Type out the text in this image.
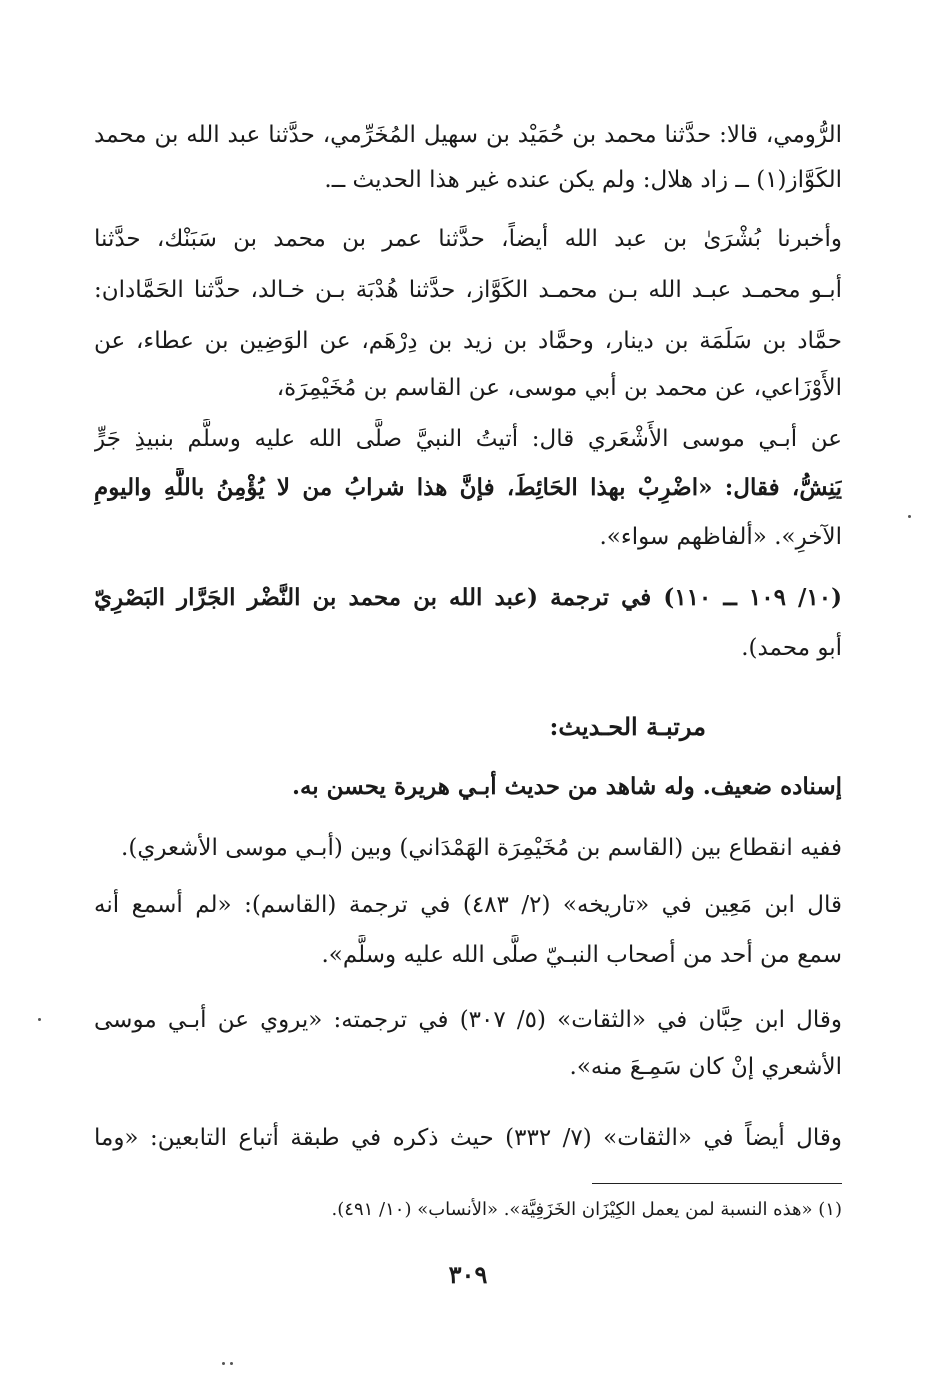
الرُّومي، قالا: حدَّثنا محمد بن حُمَيْد بن سهيل المُخَرِّمي، حدَّثنا عبد الله بن محمد
الكَوَّاز(١) ــ زاد هلال: ولم يكن عنده غير هذا الحديث ــ.
وأخبرنا بُشْرَىٰ بن عبد الله أيضاً، حدَّثنا عمر بن محمد بن سَبَنْك، حدَّثنا
أبـو محمـد عبـد الله بـن محمـد الكَوَّاز، حدَّثنا هُدْبَة بـن خـالد، حدَّثنا الحَمَّادان:
حمَّاد بن سَلَمَة بن دينار، وحمَّاد بن زيد بن دِرْهَم، عن الوَضِين بن عطاء، عن
الأَوْزَاعي، عن محمد بن أبي موسى، عن القاسم بن مُخَيْمِرَة،
عن أبـي موسى الأَشْعَري قال: أتيتُ النبيَّ صلَّى الله عليه وسلَّم بنبيذِ جَرٍّ
يَنِشُّ، فقال: «اضْرِبْ بهذا الحَائِطَ، فإنَّ هذا شرابُ من لا يُؤْمِنُ باللَّهِ واليومِ
الآخرِ». «ألفاظهم سواء».
(١٠/ ١٠٩ ــ ١١٠) في ترجمة (عبد الله بن محمد بن النَّضْر الجَرَّار البَصْرِيّ
أبو محمد).
مرتبـة الحـديث:
إسناده ضعيف. وله شاهد من حديث أبـي هريرة يحسن به.
ففيه انقطاع بين (القاسم بن مُخَيْمِرَة الهَمْدَاني) وبين (أبـي موسى الأشعري).
قال ابن مَعِين في «تاريخه» (٢/ ٤٨٣) في ترجمة (القاسم): «لم أسمع أنه
سمع من أحد من أصحاب النبـيّ صلَّى الله عليه وسلَّم».
وقال ابن حِبَّان في «الثقات» (٥/ ٣٠٧) في ترجمته: «يروي عن أبـي موسى
الأشعري إنْ كان سَمِـعَ منه».
وقال أيضاً في «الثقات» (٧/ ٣٣٢) حيث ذكره في طبقة أتباع التابعين: «وما
(١) «هذه النسبة لمن يعمل الكِيْزَان الخَزَفِيَّة». «الأنساب» (١٠/ ٤٩١).
٣٠٩
